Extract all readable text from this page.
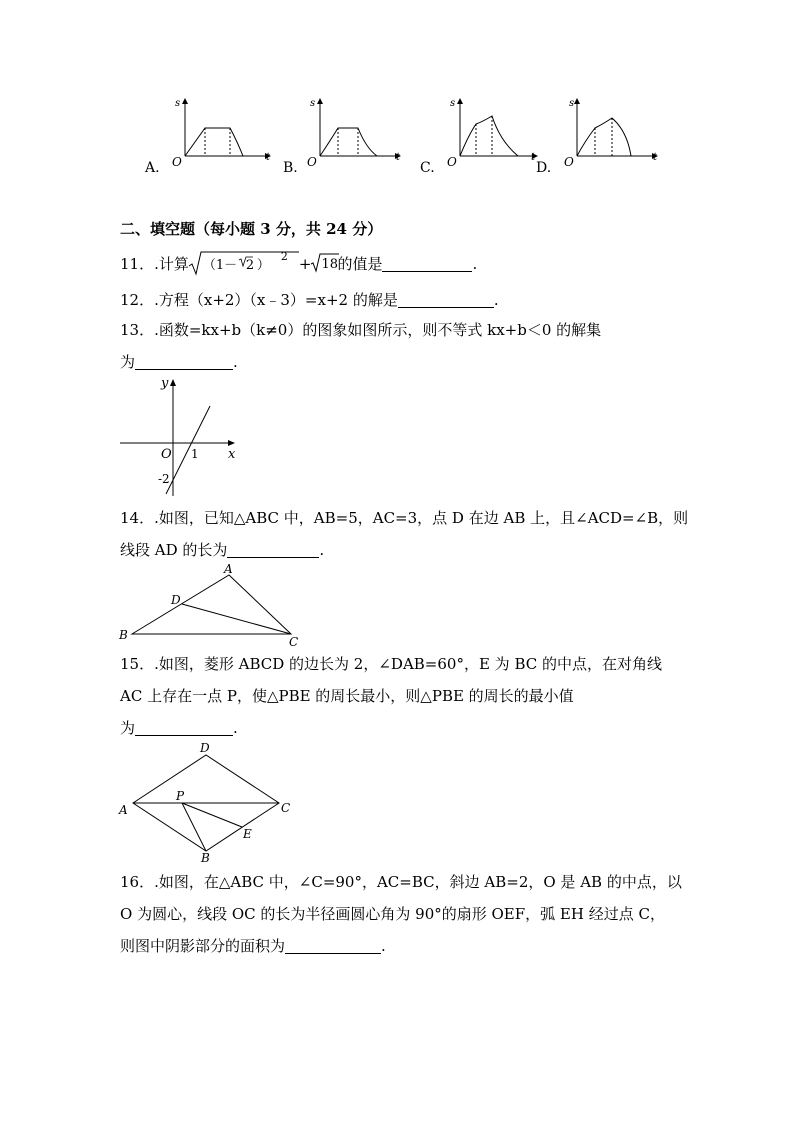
s
t
O
A.
s
t
O
B.
s
t
O
C.
s
t
O
D.
二、填空题（每小题 3 分，共 24 分）
11．.计算 （1－ 2 ）
2 + 18 的值是	.
12．.方程（x+2）（x﹣3）=x+2 的解是	.
13．.函数=kx+b（k≠0）的图象如图所示，则不等式 kx+b＜0 的解集
为	.
y
x
O 1
-2
14．.如图，已知△ABC 中，AB=5，AC=3，点 D 在边 AB 上，且∠ACD=∠B，则
线段 AD 的长为	.
A
D
B	C
15．.如图，菱形 ABCD 的边长为 2，∠DAB=60°，E 为 BC 的中点，在对角线
AC 上存在一点 P，使△PBE 的周长最小，则△PBE 的周长的最小值
为	.
D
A	C
P
E
B
16．.如图，在△ABC 中，∠C=90°，AC=BC，斜边 AB=2，O 是 AB 的中点，以
O 为圆心，线段 OC 的长为半径画圆心角为 90°的扇形 OEF，弧 EH 经过点 C，
则图中阴影部分的面积为	.
